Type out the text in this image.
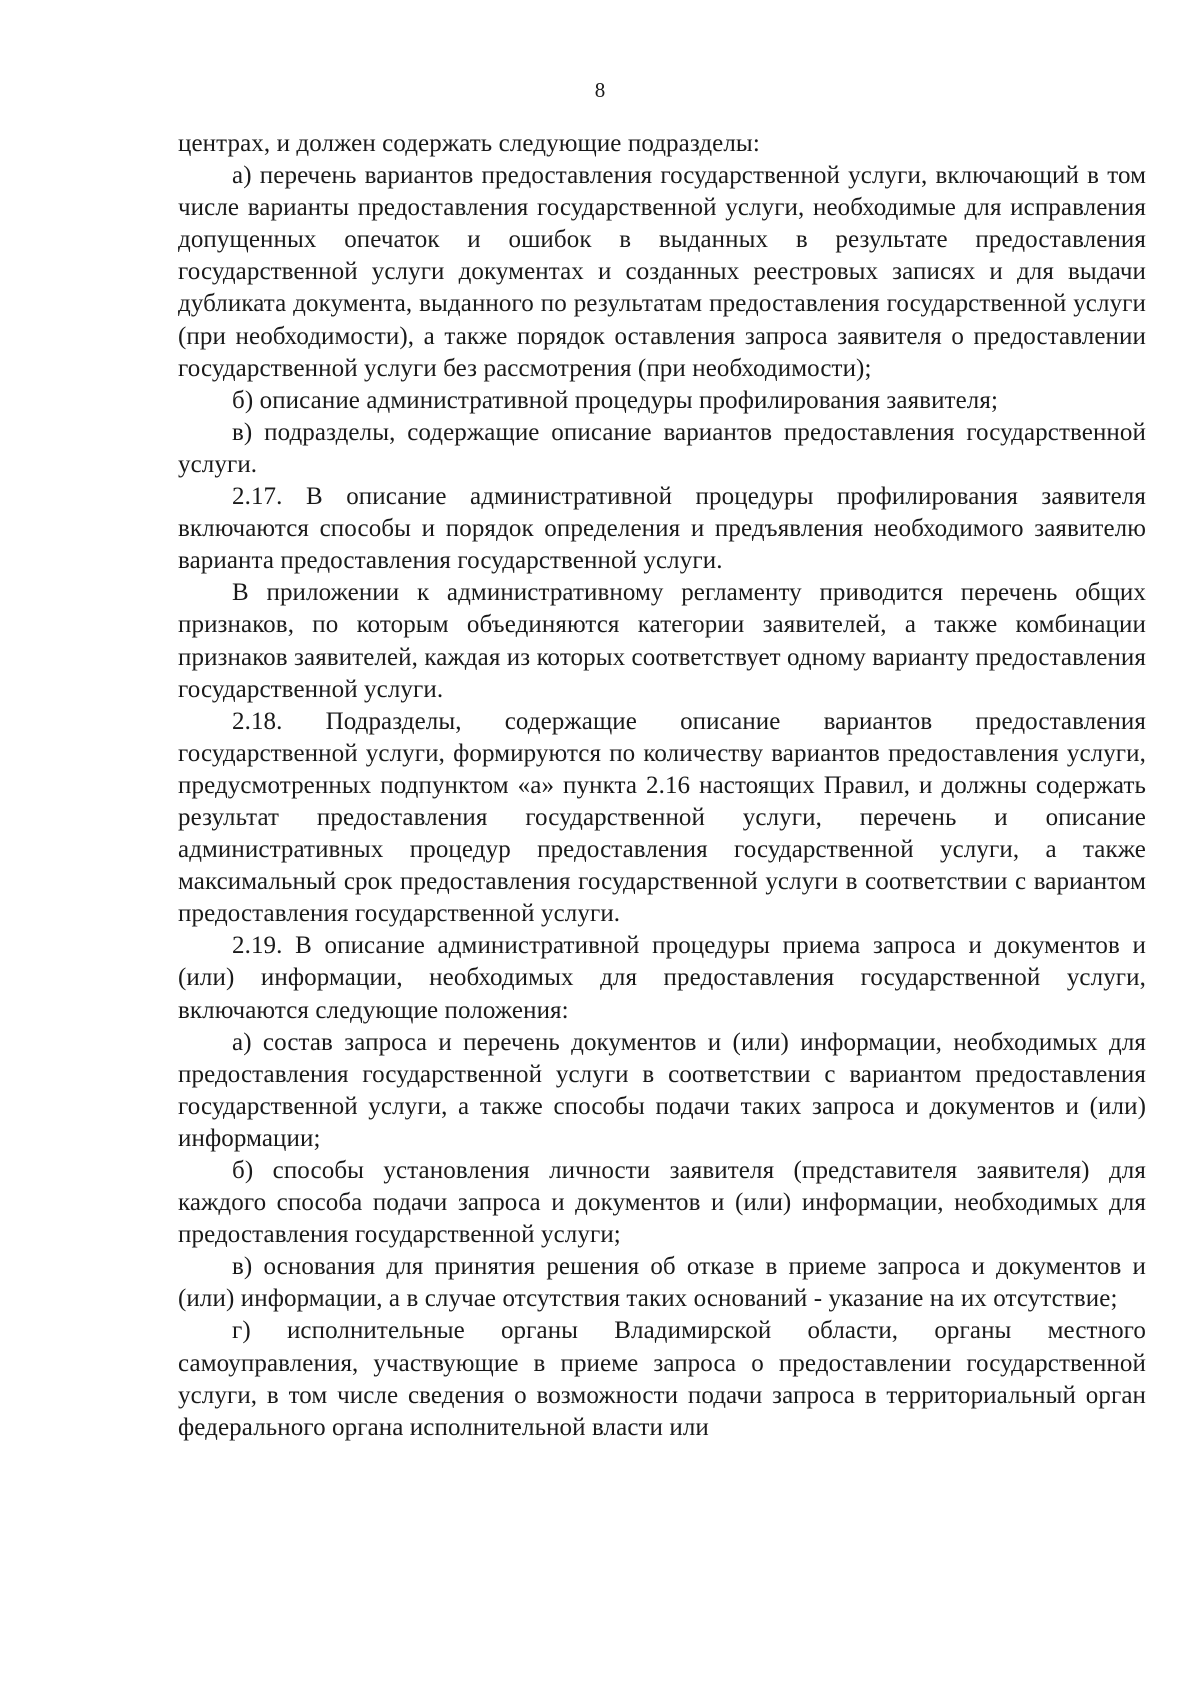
8

центрах, и должен содержать следующие подразделы:

а) перечень вариантов предоставления государственной услуги, включающий в том числе варианты предоставления государственной услуги, необходимые для исправления допущенных опечаток и ошибок в выданных в результате предоставления государственной услуги документах и созданных реестровых записях и для выдачи дубликата документа, выданного по результатам предоставления государственной услуги (при необходимости), а также порядок оставления запроса заявителя о предоставлении государственной услуги без рассмотрения (при необходимости);

б) описание административной процедуры профилирования заявителя;

в) подразделы, содержащие описание вариантов предоставления государственной услуги.

2.17. В описание административной процедуры профилирования заявителя включаются способы и порядок определения и предъявления необходимого заявителю варианта предоставления государственной услуги.

В приложении к административному регламенту приводится перечень общих признаков, по которым объединяются категории заявителей, а также комбинации признаков заявителей, каждая из которых соответствует одному варианту предоставления государственной услуги.

2.18. Подразделы, содержащие описание вариантов предоставления государственной услуги, формируются по количеству вариантов предоставления услуги, предусмотренных подпунктом «а» пункта 2.16 настоящих Правил, и должны содержать результат предоставления государственной услуги, перечень и описание административных процедур предоставления государственной услуги, а также максимальный срок предоставления государственной услуги в соответствии с вариантом предоставления государственной услуги.

2.19. В описание административной процедуры приема запроса и документов и (или) информации, необходимых для предоставления государственной услуги, включаются следующие положения:

а) состав запроса и перечень документов и (или) информации, необходимых для предоставления государственной услуги в соответствии с вариантом предоставления государственной услуги, а также способы подачи таких запроса и документов и (или) информации;

б) способы установления личности заявителя (представителя заявителя) для каждого способа подачи запроса и документов и (или) информации, необходимых для предоставления государственной услуги;

в) основания для принятия решения об отказе в приеме запроса и документов и (или) информации, а в случае отсутствия таких оснований - указание на их отсутствие;

г) исполнительные органы Владимирской области, органы местного самоуправления, участвующие в приеме запроса о предоставлении государственной услуги, в том числе сведения о возможности подачи запроса в территориальный орган федерального органа исполнительной власти или
